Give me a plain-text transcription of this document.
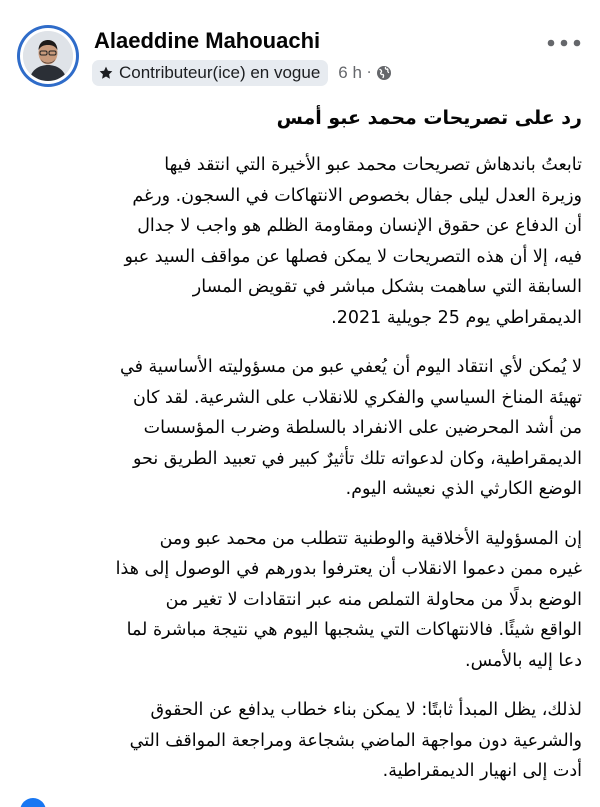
Alaeddine Mahouachi
Contributeur(ice) en vogue 6 h ·
رد على تصريحات محمد عبو أمس
تابعتُ باندهاش تصريحات محمد عبو الأخيرة التي انتقد فيها
وزيرة العدل ليلى جفال بخصوص الانتهاكات في السجون. ورغم
أن الدفاع عن حقوق الإنسان ومقاومة الظلم هو واجب لا جدال
فيه، إلا أن هذه التصريحات لا يمكن فصلها عن مواقف السيد عبو
السابقة التي ساهمت بشكل مباشر في تقويض المسار
الديمقراطي يوم 25 جويلية 2021.
لا يُمكن لأي انتقاد اليوم أن يُعفي عبو من مسؤوليته الأساسية في
تهيئة المناخ السياسي والفكري للانقلاب على الشرعية. لقد كان
من أشد المحرضين على الانفراد بالسلطة وضرب المؤسسات
الديمقراطية، وكان لدعواته تلك تأثيرٌ كبير في تعبيد الطريق نحو
الوضع الكارثي الذي نعيشه اليوم.
إن المسؤولية الأخلاقية والوطنية تتطلب من محمد عبو ومن
غيره ممن دعموا الانقلاب أن يعترفوا بدورهم في الوصول إلى هذا
الوضع بدلًا من محاولة التملص منه عبر انتقادات لا تغير من
الواقع شيئًا. فالانتهاكات التي يشجبها اليوم هي نتيجة مباشرة لما
دعا إليه بالأمس.
لذلك، يظل المبدأ ثابتًا: لا يمكن بناء خطاب يدافع عن الحقوق
والشرعية دون مواجهة الماضي بشجاعة ومراجعة المواقف التي
أدت إلى انهيار الديمقراطية.
